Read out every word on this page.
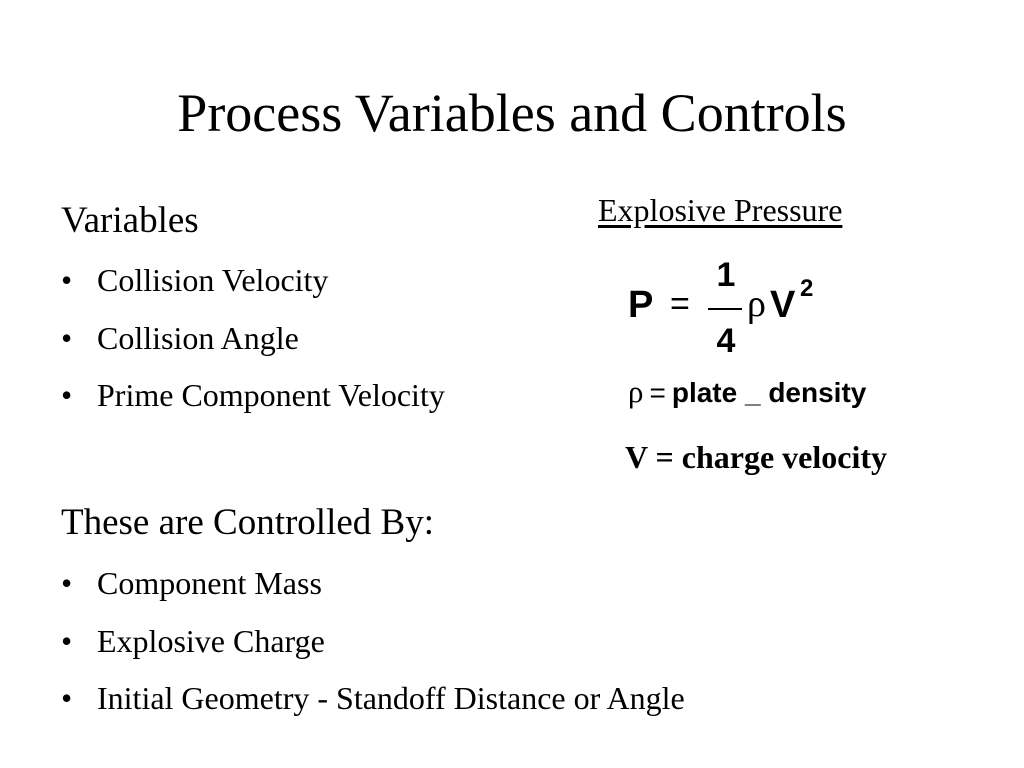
Process Variables and Controls
Variables
• Collision Velocity
• Collision Angle
• Prime Component Velocity
These are Controlled By:
• Component Mass
• Explosive Charge
• Initial Geometry - Standoff Distance or Angle
Explosive Pressure
P =
1
4
ρ V 2
ρ = plate _ density
V = charge velocity
